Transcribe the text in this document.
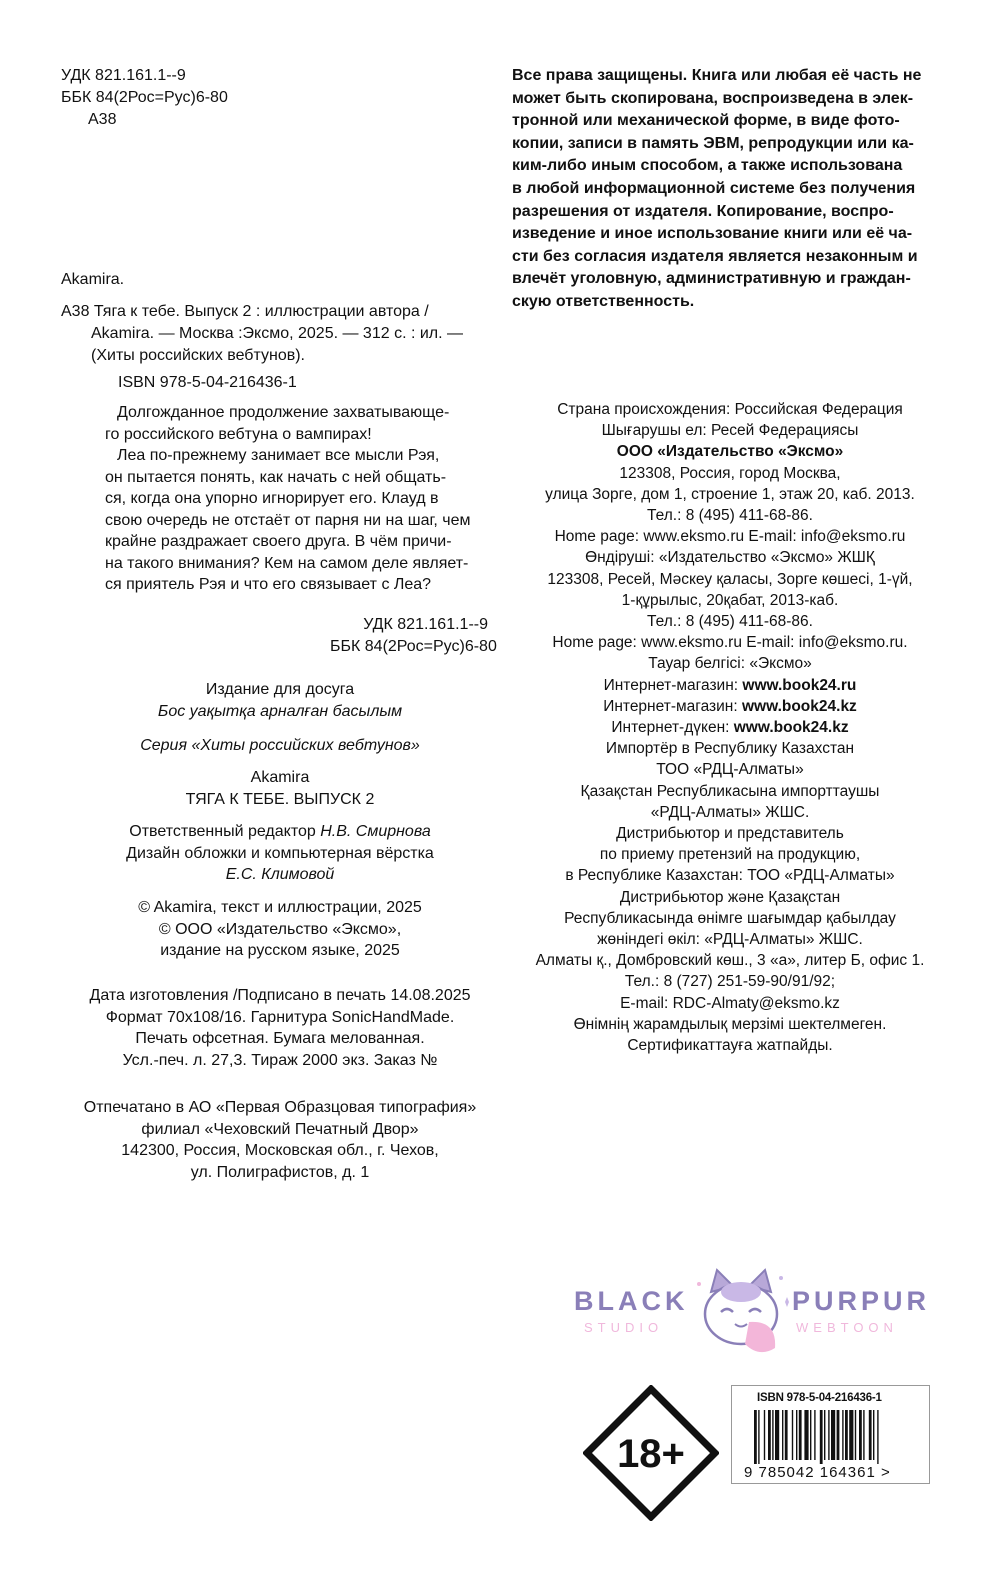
УДК 821.161.1--9
ББК 84(2Рос=Рус)6-80
А38
Akamira.
А38 Тяга к тебе. Выпуск 2 : иллюстрации автора /
Akamira. — Москва :Эксмо, 2025. — 312 с. : ил. —
(Хиты российских вебтунов).
ISBN 978-5-04-216436-1
Долгожданное продолжение захватывающе-
го российского вебтуна о вампирах!
Леа по-прежнему занимает все мысли Рэя,
он пытается понять, как начать с ней общать-
ся, когда она упорно игнорирует его. Клауд в
свою очередь не отстаёт от парня ни на шаг, чем
крайне раздражает своего друга. В чём причи-
на такого внимания? Кем на самом деле являет-
ся приятель Рэя и что его связывает с Леа?
УДК 821.161.1--9
ББК 84(2Рос=Рус)6-80
Издание для досуга
Бос уақытқа арналған басылым
Серия «Хиты российских вебтунов»
Akamira
ТЯГА К ТЕБЕ. ВЫПУСК 2
Ответственный редактор Н.В. Смирнова
Дизайн обложки и компьютерная вёрстка
Е.С. Климовой
© Akamira, текст и иллюстрации, 2025
© ООО «Издательство «Эксмо»,
издание на русском языке, 2025
Дата изготовления /Подписано в печать 14.08.2025
Формат 70x108/16. Гарнитура SonicHandMade.
Печать офсетная. Бумага мелованная.
Усл.-печ. л. 27,3. Тираж 2000 экз. Заказ №
Отпечатано в АО «Первая Образцовая типография»
филиал «Чеховский Печатный Двор»
142300, Россия, Московская обл., г. Чехов,
ул. Полиграфистов, д. 1
Все права защищены. Книга или любая её часть не
может быть скопирована, воспроизведена в элек-
тронной или механической форме, в виде фото-
копии, записи в память ЭВМ, репродукции или ка-
ким-либо иным способом, а также использована
в любой информационной системе без получения
разрешения от издателя. Копирование, воспро-
изведение и иное использование книги или её ча-
сти без согласия издателя является незаконным и
влечёт уголовную, административную и граждан-
скую ответственность.
Страна происхождения: Российская Федерация
Шығарушы ел: Ресей Федерациясы
ООО «Издательство «Эксмо»
123308, Россия, город Москва,
улица Зорге, дом 1, строение 1, этаж 20, каб. 2013.
Тел.: 8 (495) 411-68-86.
Home page: www.eksmo.ru E-mail: info@eksmo.ru
Өндіруші: «Издательство «Эксмо» ЖШҚ
123308, Ресей, Мәскеу қаласы, Зорге көшесі, 1-үй,
1-құрылыс, 20қабат, 2013-каб.
Тел.: 8 (495) 411-68-86.
Home page: www.eksmo.ru E-mail: info@eksmo.ru.
Тауар белгісі: «Эксмо»
Интернет-магазин: www.book24.ru
Интернет-магазин: www.book24.kz
Интернет-дүкен: www.book24.kz
Импортёр в Республику Казахстан
ТОО «РДЦ-Алматы»
Қазақстан Республикасына импорттаушы
«РДЦ-Алматы» ЖШС.
Дистрибьютор и представитель
по приему претензий на продукцию,
в Республике Казахстан: ТОО «РДЦ-Алматы»
Дистрибьютор және Қазақстан
Республикасында өнімге шағымдар қабылдау
жөніндегі өкіл: «РДЦ-Алматы» ЖШС.
Алматы қ., Домбровский көш., 3 «а», литер Б, офис 1.
Тел.: 8 (727) 251-59-90/91/92;
E-mail: RDC-Almaty@eksmo.kz
Өнімнің жарамдылық мерзімі шектелмеген.
Сертификаттауға жатпайды.
BLACK	PURPUR
STUDIO	WEBTOON
18+
ISBN 978-5-04-216436-1
9 785042 164361 >
